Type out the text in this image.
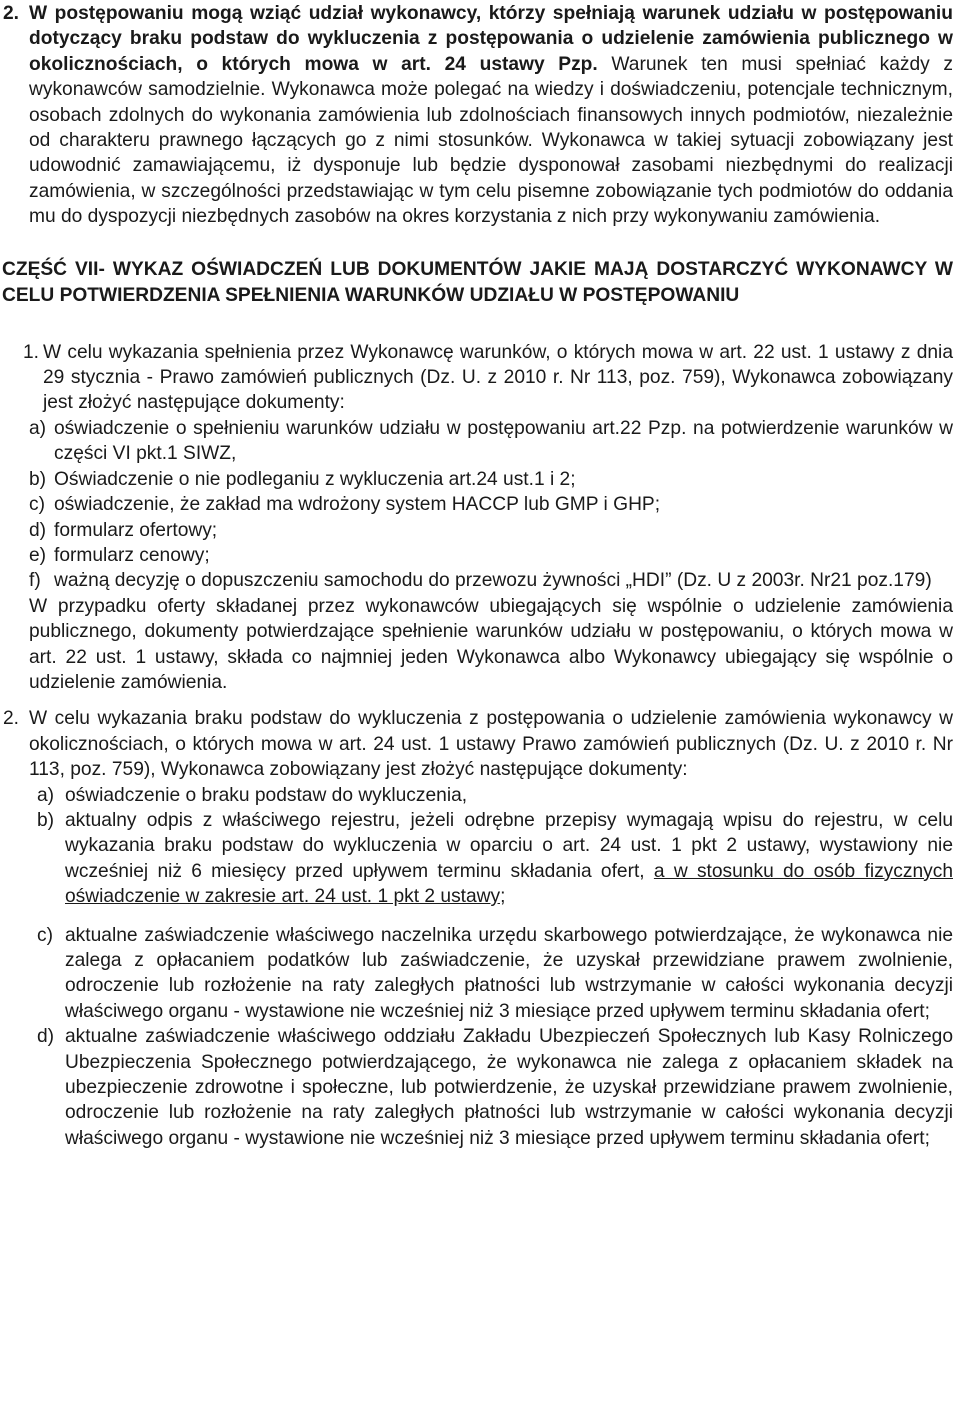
2. W postępowaniu mogą wziąć udział wykonawcy, którzy spełniają warunek udziału w postępowaniu dotyczący braku podstaw do wykluczenia z postępowania o udzielenie zamówienia publicznego w okolicznościach, o których mowa w art. 24 ustawy Pzp. Warunek ten musi spełniać każdy z wykonawców samodzielnie. Wykonawca może polegać na wiedzy i doświadczeniu, potencjale technicznym, osobach zdolnych do wykonania zamówienia lub zdolnościach finansowych innych podmiotów, niezależnie od charakteru prawnego łączących go z nimi stosunków. Wykonawca w takiej sytuacji zobowiązany jest udowodnić zamawiającemu, iż dysponuje lub będzie dysponował zasobami niezbędnymi do realizacji zamówienia, w szczególności przedstawiając w tym celu pisemne zobowiązanie tych podmiotów do oddania mu do dyspozycji niezbędnych zasobów na okres korzystania z nich przy wykonywaniu zamówienia.

CZĘŚĆ VII- WYKAZ OŚWIADCZEŃ LUB DOKUMENTÓW JAKIE MAJĄ DOSTARCZYĆ WYKONAWCY W CELU POTWIERDZENIA SPEŁNIENIA WARUNKÓW UDZIAŁU W POSTĘPOWANIU
1. W celu wykazania spełnienia przez Wykonawcę warunków, o których mowa w art. 22 ust. 1 ustawy z dnia 29 stycznia - Prawo zamówień publicznych (Dz. U. z 2010 r. Nr 113, poz. 759), Wykonawca zobowiązany jest złożyć następujące dokumenty:

a) oświadczenie o spełnieniu warunków udziału w postępowaniu art.22 Pzp. na potwierdzenie warunków w części VI pkt.1 SIWZ,
b) Oświadczenie o nie podleganiu z wykluczenia art.24 ust.1 i 2;
c) oświadczenie, że zakład ma wdrożony system HACCP lub GMP i GHP;
d) formularz ofertowy;
e) formularz cenowy;
f) ważną decyzję o dopuszczeniu samochodu do przewozu żywności „HDI” (Dz. U z 2003r. Nr21 poz.179)

W przypadku oferty składanej przez wykonawców ubiegających się wspólnie o udzielenie zamówienia publicznego, dokumenty potwierdzające spełnienie warunków udziału w postępowaniu, o których mowa w art. 22 ust. 1 ustawy, składa co najmniej jeden Wykonawca albo Wykonawcy ubiegający się wspólnie o udzielenie zamówienia.

2. W celu wykazania braku podstaw do wykluczenia z postępowania o udzielenie zamówienia wykonawcy w okolicznościach, o których mowa w art. 24 ust. 1 ustawy Prawo zamówień publicznych (Dz. U. z 2010 r. Nr 113, poz. 759), Wykonawca zobowiązany jest złożyć następujące dokumenty:

a) oświadczenie o braku podstaw do wykluczenia,
b) aktualny odpis z właściwego rejestru, jeżeli odrębne przepisy wymagają wpisu do rejestru, w celu wykazania braku podstaw do wykluczenia w oparciu o art. 24 ust. 1 pkt 2 ustawy, wystawiony nie wcześniej niż 6 miesięcy przed upływem terminu składania ofert, a w stosunku do osób fizycznych oświadczenie w zakresie art. 24 ust. 1 pkt 2 ustawy;
c) aktualne zaświadczenie właściwego naczelnika urzędu skarbowego potwierdzające, że wykonawca nie zalega z opłacaniem podatków lub zaświadczenie, że uzyskał przewidziane prawem zwolnienie, odroczenie lub rozłożenie na raty zaległych płatności lub wstrzymanie w całości wykonania decyzji właściwego organu - wystawione nie wcześniej niż 3 miesiące przed upływem terminu składania ofert;
d) aktualne zaświadczenie właściwego oddziału Zakładu Ubezpieczeń Społecznych lub Kasy Rolniczego Ubezpieczenia Społecznego potwierdzającego, że wykonawca nie zalega z opłacaniem składek na ubezpieczenie zdrowotne i społeczne, lub potwierdzenie, że uzyskał przewidziane prawem zwolnienie, odroczenie lub rozłożenie na raty zaległych płatności lub wstrzymanie w całości wykonania decyzji właściwego organu - wystawione nie wcześniej niż 3 miesiące przed upływem terminu składania ofert;
